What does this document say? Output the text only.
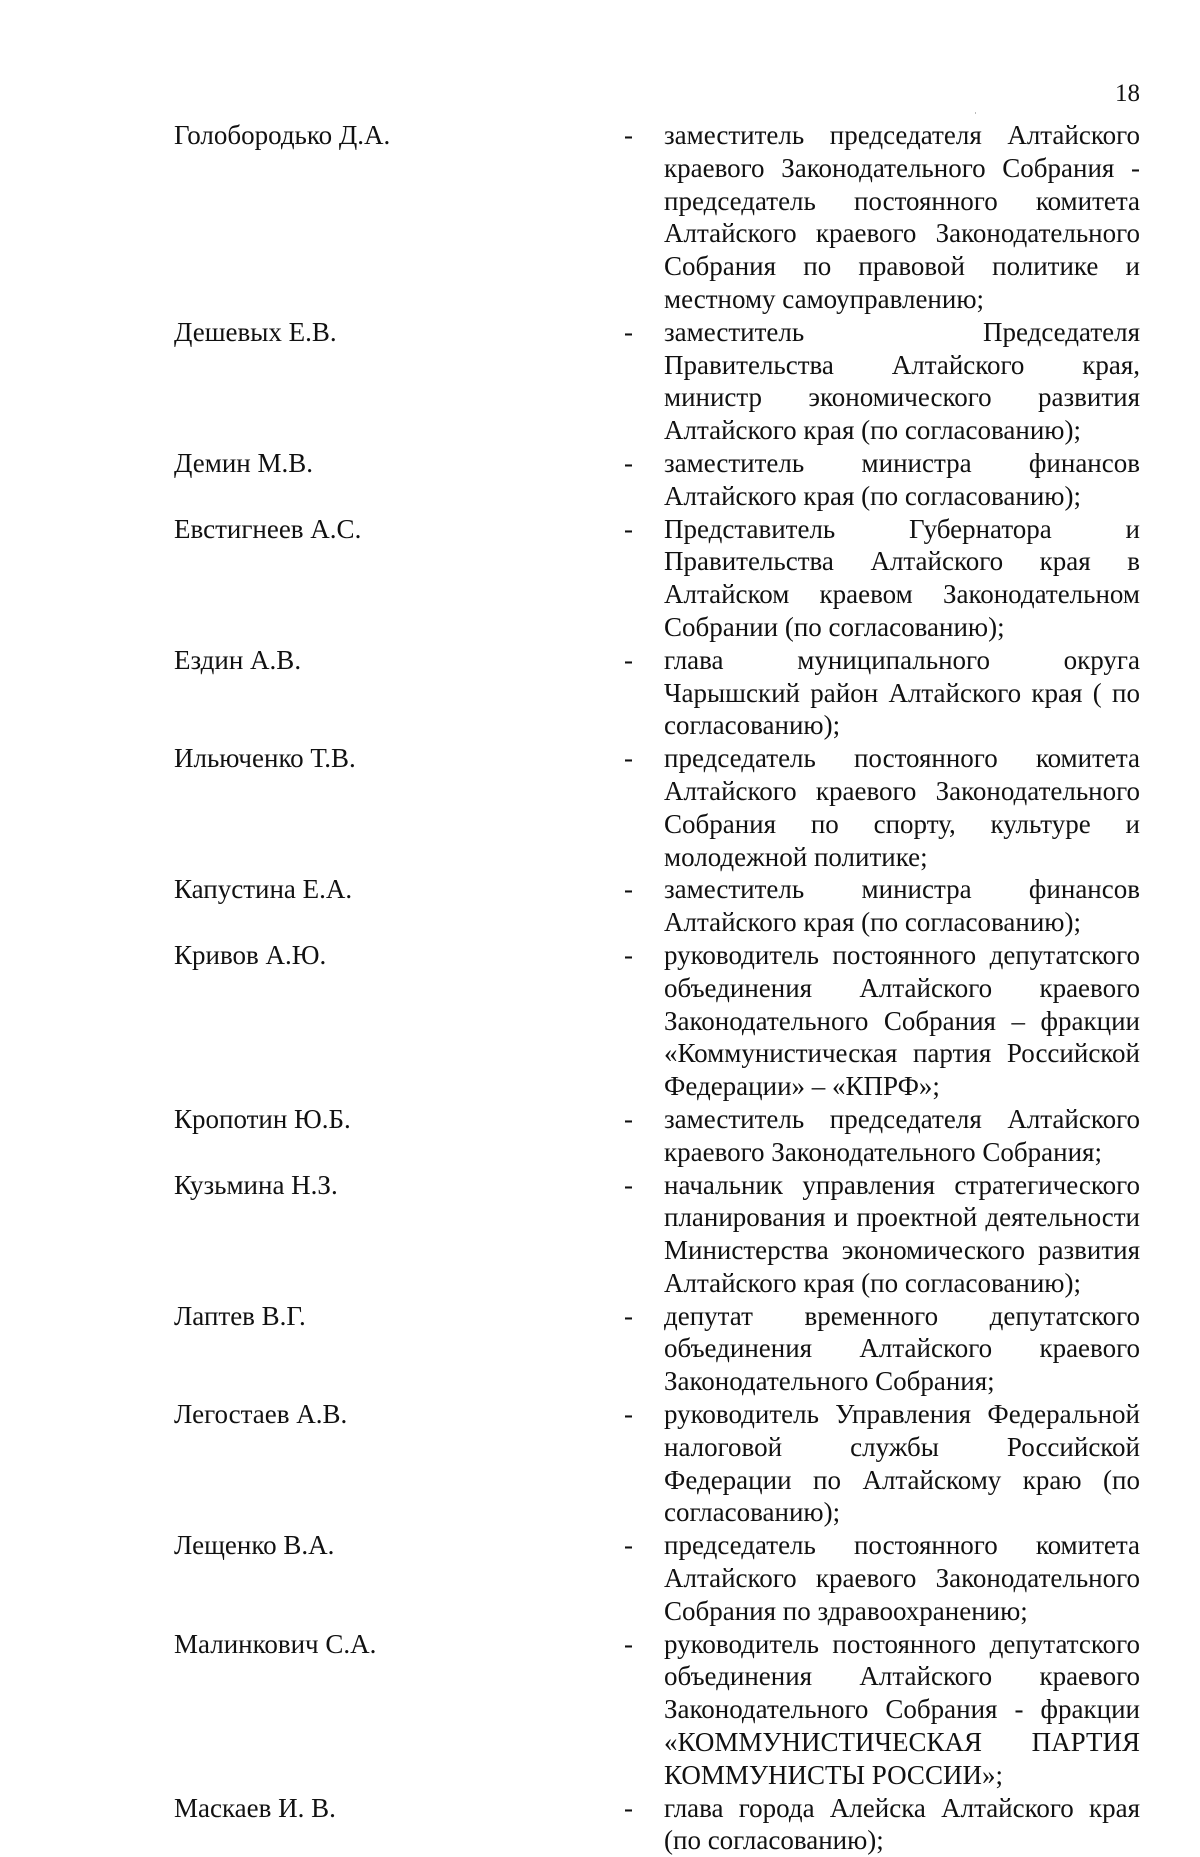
18
Голобородько Д.А.	-	заместитель председателя Алтайского краевого Законодательного Собрания - председатель постоянного комитета Алтайского краевого Законодательного Собрания по правовой политике и местному самоуправлению;
Дешевых Е.В.	-	заместитель Председателя Правительства Алтайского края, министр экономического развития Алтайского края (по согласованию);
Демин М.В.	-	заместитель министра финансов Алтайского края (по согласованию);
Евстигнеев А.С.	-	Представитель Губернатора и Правительства Алтайского края в Алтайском краевом Законодательном Собрании (по согласованию);
Ездин А.В.	-	глава муниципального округа Чарышский район Алтайского края ( по согласованию);
Ильюченко Т.В.	-	председатель постоянного комитета Алтайского краевого Законодательного Собрания по спорту, культуре и молодежной политике;
Капустина Е.А.	-	заместитель министра финансов Алтайского края (по согласованию);
Кривов А.Ю.	-	руководитель постоянного депутатского объединения Алтайского краевого Законодательного Собрания – фракции «Коммунистическая партия Российской Федерации» – «КПРФ»;
Кропотин Ю.Б.	-	заместитель председателя Алтайского краевого Законодательного Собрания;
Кузьмина Н.З.	-	начальник управления стратегического планирования и проектной деятельности Министерства экономического развития Алтайского края (по согласованию);
Лаптев В.Г.	-	депутат временного депутатского объединения Алтайского краевого Законодательного Собрания;
Легостаев А.В.	-	руководитель Управления Федеральной налоговой службы Российской Федерации по Алтайскому краю (по согласованию);
Лещенко В.А.	-	председатель постоянного комитета Алтайского краевого Законодательного Собрания по здравоохранению;
Малинкович С.А.	-	руководитель постоянного депутатского объединения Алтайского краевого Законодательного Собрания - фракции «КОММУНИСТИЧЕСКАЯ ПАРТИЯ КОММУНИСТЫ РОССИИ»;
Маскаев И. В.	-	глава города Алейска Алтайского края (по согласованию);
